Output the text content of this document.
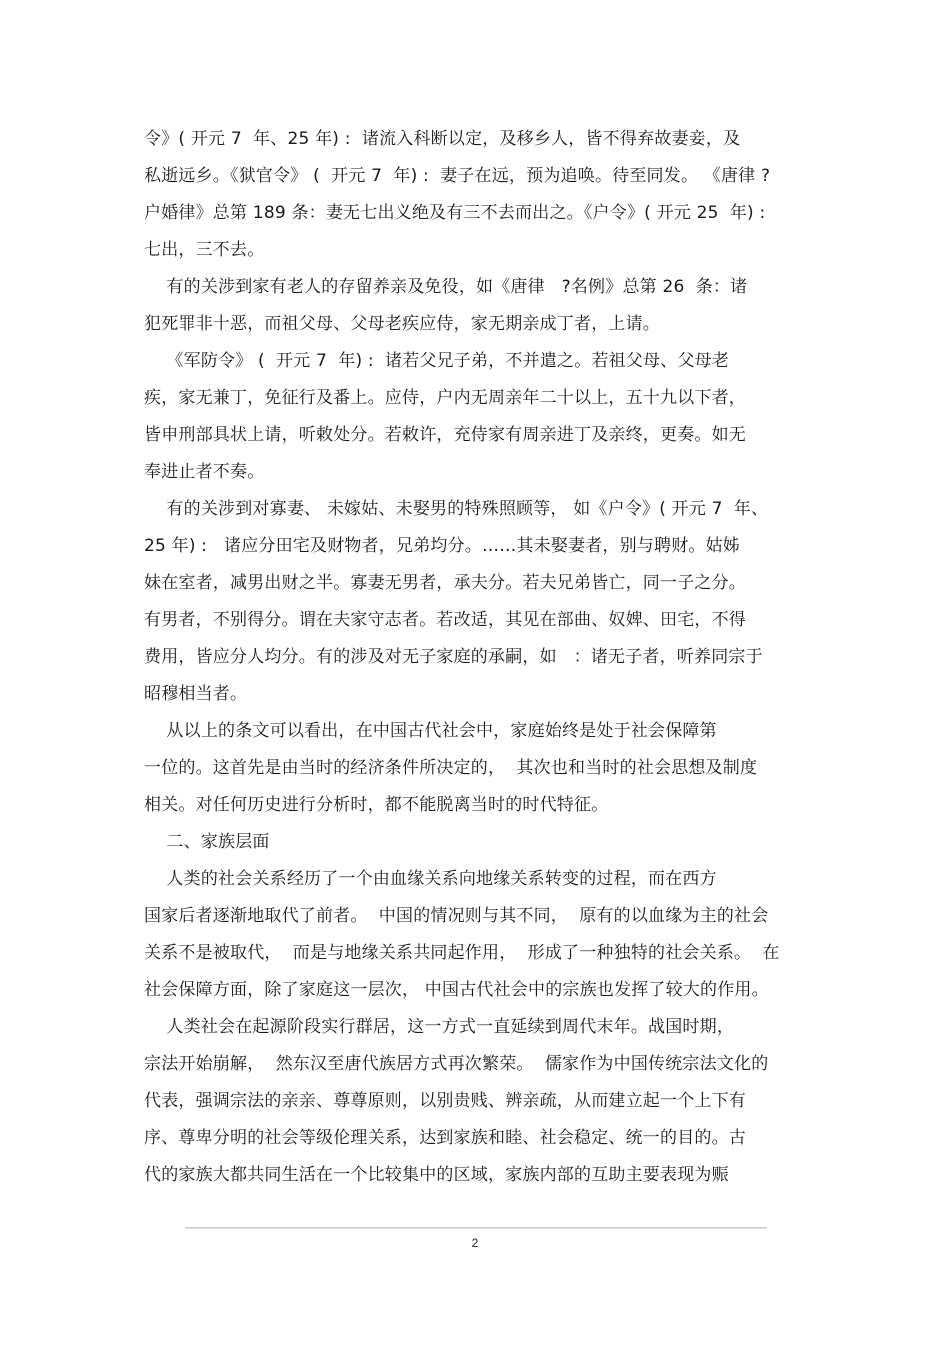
令》( 开元 7  年、25 年) :  诸流入科断以定，及移乡人，皆不得弃故妻妾，及
私逝远乡。《狱官令》 (  开元 7  年) :  妻子在远，预为追唤。待至同发。 《唐律 ?
户婚律》总第 189 条：妻无七出义绝及有三不去而出之。《户令》( 开元 25  年) :
七出，三不去。
有的关涉到家有老人的存留养亲及免役，如《唐律   ?名例》总第 26  条：诸
犯死罪非十恶，而祖父母、父母老疾应侍，家无期亲成丁者，上请。
《军防令》 (  开元 7  年) :  诸若父兄子弟，不并遣之。若祖父母、父母老
疾，家无兼丁，免征行及番上。应侍，户内无周亲年二十以上，五十九以下者，
皆申刑部具状上请，听敕处分。若敕许，充侍家有周亲进丁及亲终，更奏。如无
奉进止者不奏。
有的关涉到对寡妻、 未嫁姑、未娶男的特殊照顾等， 如《户令》( 开元 7  年、
25 年) :   诸应分田宅及财物者，兄弟均分。……其未娶妻者，别与聘财。姑姊
妹在室者，减男出财之半。寡妻无男者，承夫分。若夫兄弟皆亡，同一子之分。
有男者，不别得分。谓在夫家守志者。若改适，其见在部曲、奴婢、田宅，不得
费用，皆应分人均分。有的涉及对无子家庭的承嗣，如   ：诸无子者，听养同宗于
昭穆相当者。
从以上的条文可以看出，在中国古代社会中，家庭始终是处于社会保障第
一位的。这首先是由当时的经济条件所决定的，  其次也和当时的社会思想及制度
相关。对任何历史进行分析时，都不能脱离当时的时代特征。
二、家族层面
人类的社会关系经历了一个由血缘关系向地缘关系转变的过程，而在西方
国家后者逐渐地取代了前者。  中国的情况则与其不同，  原有的以血缘为主的社会
关系不是被取代，  而是与地缘关系共同起作用，  形成了一种独特的社会关系。  在
社会保障方面，除了家庭这一层次， 中国古代社会中的宗族也发挥了较大的作用。
人类社会在起源阶段实行群居，这一方式一直延续到周代末年。战国时期，
宗法开始崩解，  然东汉至唐代族居方式再次繁荣。  儒家作为中国传统宗法文化的
代表，强调宗法的亲亲、尊尊原则，以别贵贱、辨亲疏，从而建立起一个上下有
序、尊卑分明的社会等级伦理关系，达到家族和睦、社会稳定、统一的目的。古
代的家族大都共同生活在一个比较集中的区域，家族内部的互助主要表现为赈
2
